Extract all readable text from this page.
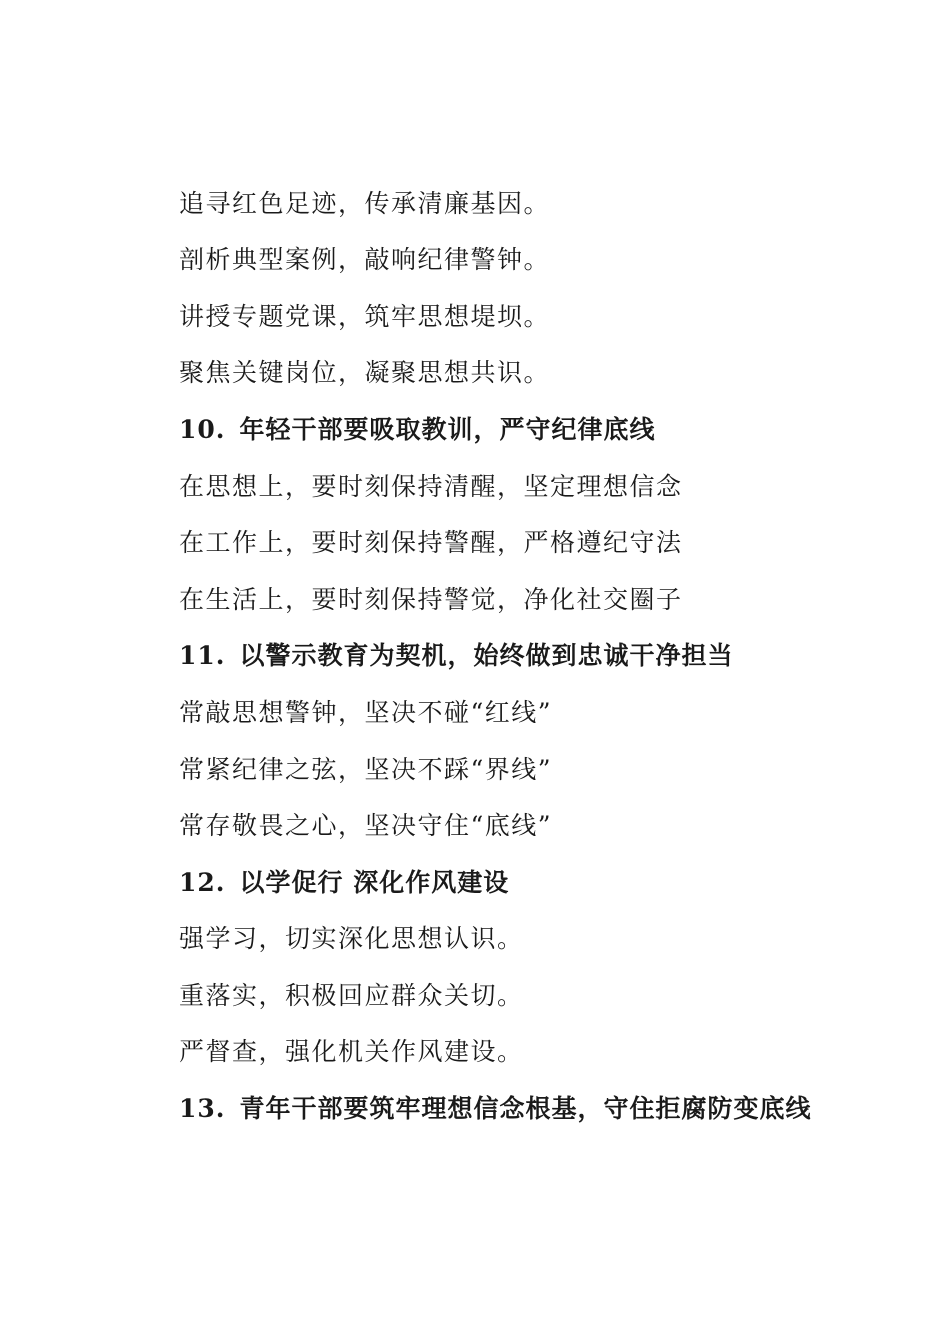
追寻红色足迹，传承清廉基因。
剖析典型案例，敲响纪律警钟。
讲授专题党课，筑牢思想堤坝。
聚焦关键岗位，凝聚思想共识。
10. 年轻干部要吸取教训，严守纪律底线
在思想上，要时刻保持清醒，坚定理想信念
在工作上，要时刻保持警醒，严格遵纪守法
在生活上，要时刻保持警觉，净化社交圈子
11. 以警示教育为契机，始终做到忠诚干净担当
常敲思想警钟，坚决不碰“红线”
常紧纪律之弦，坚决不踩“界线”
常存敬畏之心，坚决守住“底线”
12. 以学促行 深化作风建设
强学习，切实深化思想认识。
重落实，积极回应群众关切。
严督查，强化机关作风建设。
13. 青年干部要筑牢理想信念根基，守住拒腐防变底线
